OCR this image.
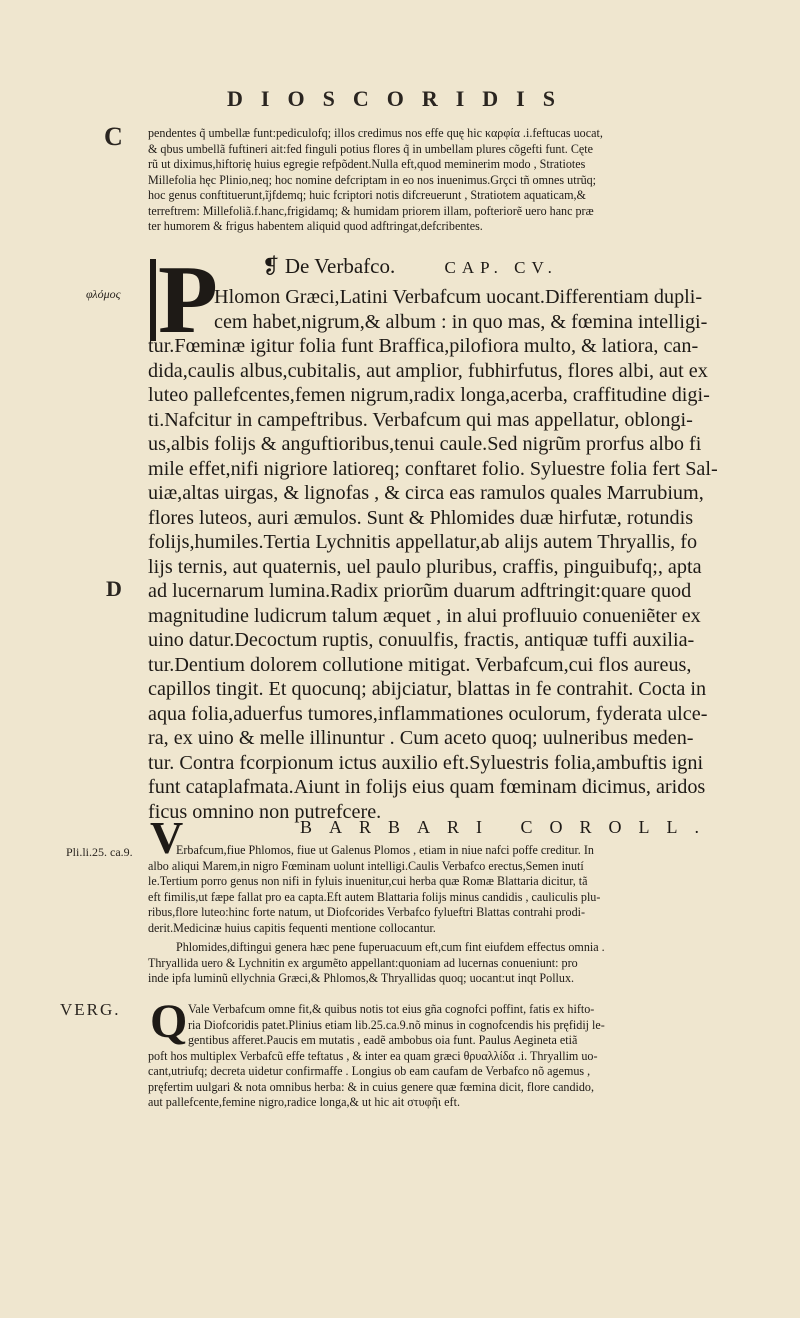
DIOSCORIDIS
C
φλόμος
D
Pli.li.25. ca.9.
VERG.
pendentes q̃ umbellæ funt:pediculofq; illos credimus nos effe quę hic καρφία .i.feftucas uocat,
& qbus umbellã fuftineri ait:fed finguli potius flores q̃ in umbellam plures cõgefti funt. Cęte
rũ ut diximus,hiftorię huius egregie refpõdent.Nulla eft,quod meminerim modo , Stratiotes
Millefolia hęc Plinio,neq; hoc nomine defcriptam in eo nos inuenimus.Grçci tñ omnes utrũq;
hoc genus conftituerunt,ĩjfdemq; huic fcriptori notis difcreuerunt , Stratiotem aquaticam,&
terreftrem: Millefoliã.f.hanc,frigidamq; & humidam priorem illam, pofteriorẽ uero hanc præ
ter humorem & frigus habentem aliquid quod adftringat,defcribentes.
P ❡ De Verbafco.	CAP. CV.
Hlomon Græci,Latini Verbafcum uocant.Differentiam dupli-
cem habet,nigrum,& album : in quo mas, & fœmina intelligi-
tur.Fœminæ igitur folia funt Braffica,pilofiora multo, & latiora, can-
dida,caulis albus,cubitalis, aut amplior, fubhirfutus, flores albi, aut ex
luteo pallefcentes,femen nigrum,radix longa,acerba, craffitudine digi-
ti.Nafcitur in campeftribus. Verbafcum qui mas appellatur, oblongi-
us,albis folijs & anguftioribus,tenui caule.Sed nigrũm prorfus albo fi
mile effet,nifi nigriore latioreq; conftaret folio. Syluestre folia fert Sal-
uiæ,altas uirgas, & lignofas , & circa eas ramulos quales Marrubium,
flores luteos, auri æmulos. Sunt & Phlomides duæ hirfutæ, rotundis
folijs,humiles.Tertia Lychnitis appellatur,ab alijs autem Thryallis, fo
lijs ternis, aut quaternis, uel paulo pluribus, craffis, pinguibufq;, apta
ad lucernarum lumina.Radix priorũm duarum adftringit:quare quod
magnitudine ludicrum talum æquet , in alui profluuio conueniẽter ex
uino datur.Decoctum ruptis, conuulfis, fractis, antiquæ tuffi auxilia-
tur.Dentium dolorem collutione mitigat. Verbafcum,cui flos aureus,
capillos tingit. Et quocunq; abijciatur, blattas in fe contrahit. Cocta in
aqua folia,aduerfus tumores,inflammationes oculorum, fyderata ulce-
ra, ex uino & melle illinuntur . Cum aceto quoq; uulneribus meden-
tur. Contra fcorpionum ictus auxilio eft.Syluestris folia,ambuftis igni
funt cataplafmata.Aiunt in folijs eius quam fœminam dicimus, aridos
ficus omnino non putrefcere.
BARBARI COROLL.
V
Erbafcum,fiue Phlomos, fiue ut Galenus Plomos , etiam in niue nafci poffe creditur. In
albo aliqui Marem,in nigro Fœminam uolunt intelligi.Caulis Verbafco erectus,Semen inutí
le.Tertium porro genus non nifi in fyluis inuenitur,cui herba quæ Romæ Blattaria dicitur, tã
eft fimilis,ut fæpe fallat pro ea capta.Eft autem Blattaria folijs minus candidis , cauliculis plu-
ribus,flore luteo:hinc forte natum, ut Diofcorides Verbafco fylueftri Blattas contrahi prodi-
derit.Medicinæ huius capitis fequenti mentione collocantur.
Phlomides,diftingui genera hæc pene fuperuacuum eft,cum fint eiufdem effectus omnia .
Thryallida uero & Lychnitin ex argumẽto appellant:quoniam ad lucernas conueniunt: pro
inde ipfa luminũ ellychnia Græci,& Phlomos,& Thryallidas quoq; uocant:ut inqt Pollux.
Q Vale Verbafcum omne fit,& quibus notis tot eius gña cognofci poffint, fatis ex hifto-
ria Diofcoridis patet.Plinius etiam lib.25.ca.9.nõ minus in cognofcendis his pręfidij le-
gentibus afferet.Paucis em mutatis , eadẽ ambobus oia funt. Paulus Aegineta etiã
poft hos multiplex Verbafcũ effe teftatus , & inter ea quam græci θρυαλλίδα .i. Thryallim uo-
cant,utriufq; decreta uidetur confirmaffe . Longius ob eam caufam de Verbafco nõ agemus ,
pręfertim uulgari & nota omnibus herba: & in cuius genere quæ fœmina dicit, flore candido,
aut pallefcente,femine nigro,radice longa,& ut hic ait στυφῆι eft.
